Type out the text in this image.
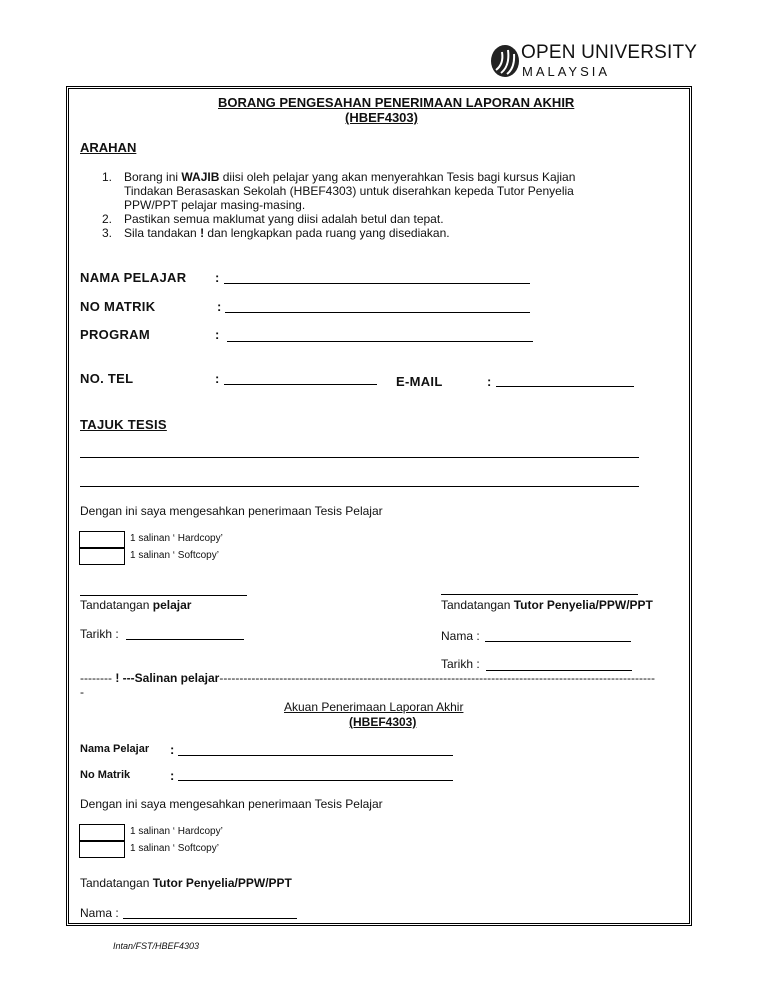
OPEN UNIVERSITY
MALAYSIA
BORANG PENGESAHAN PENERIMAAN LAPORAN AKHIR
(HBEF4303)
ARAHAN
1. Borang ini WAJIB diisi oleh pelajar yang akan menyerahkan Tesis bagi kursus Kajian
Tindakan Berasaskan Sekolah (HBEF4303) untuk diserahkan kepeda Tutor Penyelia
PPW/PPT pelajar masing-masing.
2. Pastikan semua maklumat yang diisi adalah betul dan tepat.
3. Sila tandakan ! dan lengkapkan pada ruang yang disediakan.
NAMA PELAJAR :
NO MATRIK	:
PROGRAM	:
NO. TEL	:	E-MAIL	:
TAJUK TESIS
Dengan ini saya mengesahkan penerimaan Tesis Pelajar
1 salinan ‘ Hardcopy’
1 salinan ‘ Softcopy’
Tandatangan pelajar	Tandatangan Tutor Penyelia/PPW/PPT
Tarikh :	Nama :
Tarikh :
-------- ! ---Salinan pelajar-------------------------------------------------------------------------------------------------------------
-
Akuan Penerimaan Laporan Akhir
(HBEF4303)
Nama Pelajar :
No Matrik	:
Dengan ini saya mengesahkan penerimaan Tesis Pelajar
1 salinan ‘ Hardcopy’
1 salinan ‘ Softcopy’
Tandatangan Tutor Penyelia/PPW/PPT
Nama :
Intan/FST/HBEF4303
